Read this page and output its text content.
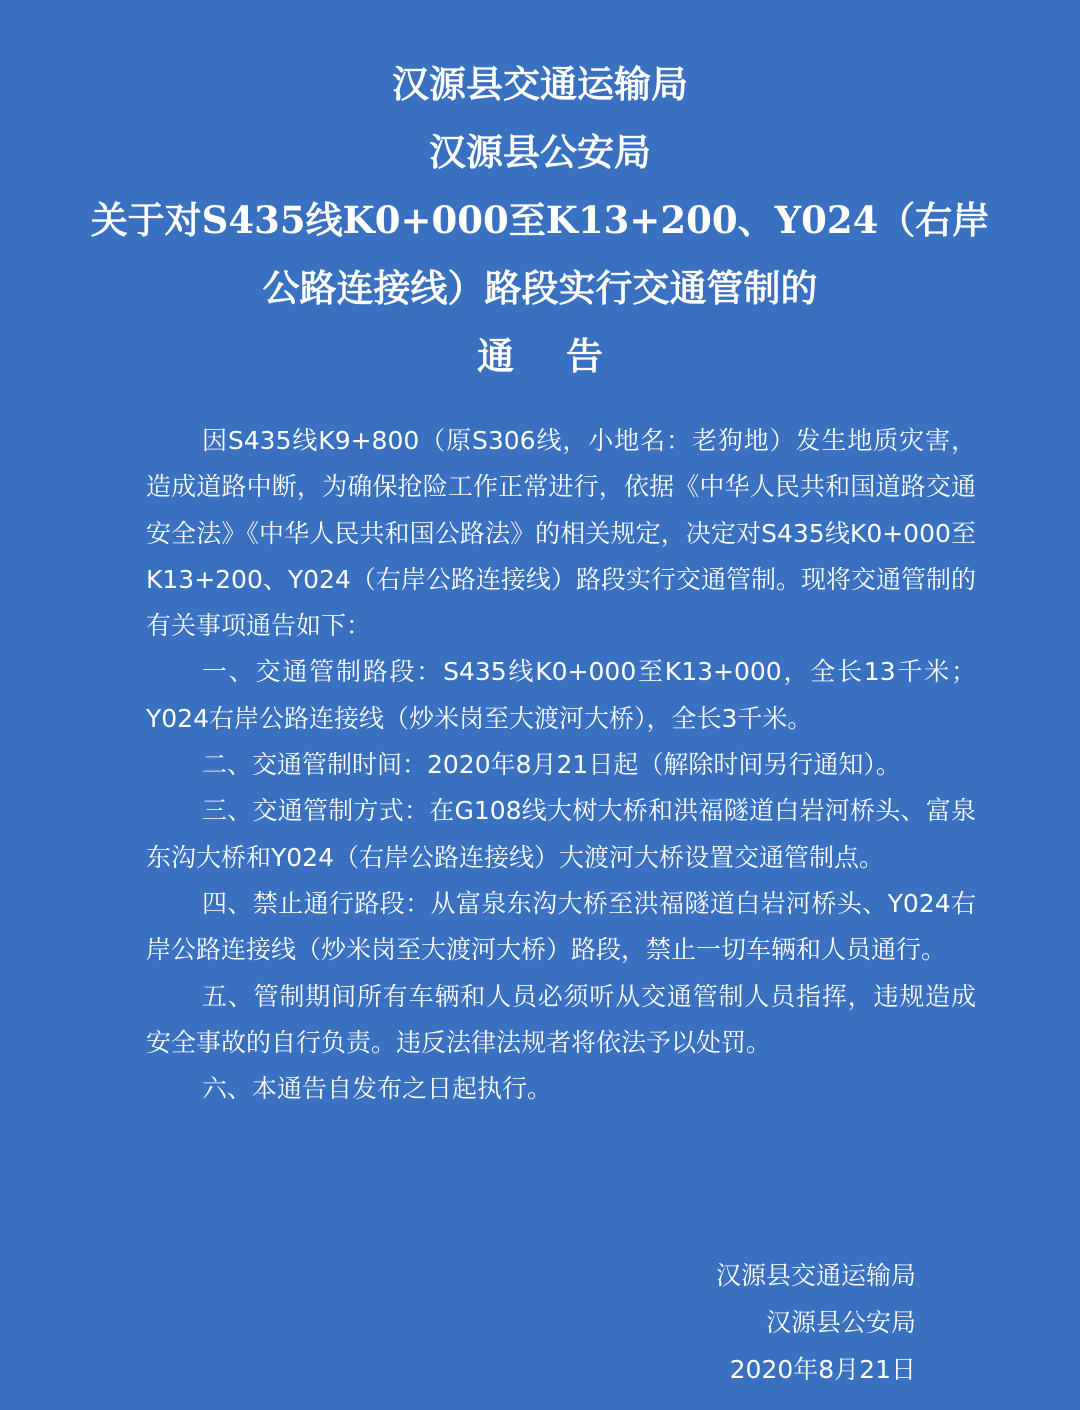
汉源县交通运输局
汉源县公安局
关于对S435线K0+000至K13+200、Y024（右岸
公路连接线）路段实行交通管制的
通告

因S435线K9+800（原S306线，小地名：老狗地）发生地质灾害，造成道路中断，为确保抢险工作正常进行，依据《中华人民共和国道路交通安全法》《中华人民共和国公路法》的相关规定，决定对S435线K0+000至K13+200、Y024（右岸公路连接线）路段实行交通管制。现将交通管制的有关事项通告如下：

一、交通管制路段：S435线K0+000至K13+000，全长13千米；Y024右岸公路连接线（炒米岗至大渡河大桥），全长3千米。

二、交通管制时间：2020年8月21日起（解除时间另行通知）。

三、交通管制方式：在G108线大树大桥和洪福隧道白岩河桥头、富泉东沟大桥和Y024（右岸公路连接线）大渡河大桥设置交通管制点。

四、禁止通行路段：从富泉东沟大桥至洪福隧道白岩河桥头、Y024右岸公路连接线（炒米岗至大渡河大桥）路段，禁止一切车辆和人员通行。

五、管制期间所有车辆和人员必须听从交通管制人员指挥，违规造成安全事故的自行负责。违反法律法规者将依法予以处罚。

六、本通告自发布之日起执行。

汉源县交通运输局
汉源县公安局
2020年8月21日
